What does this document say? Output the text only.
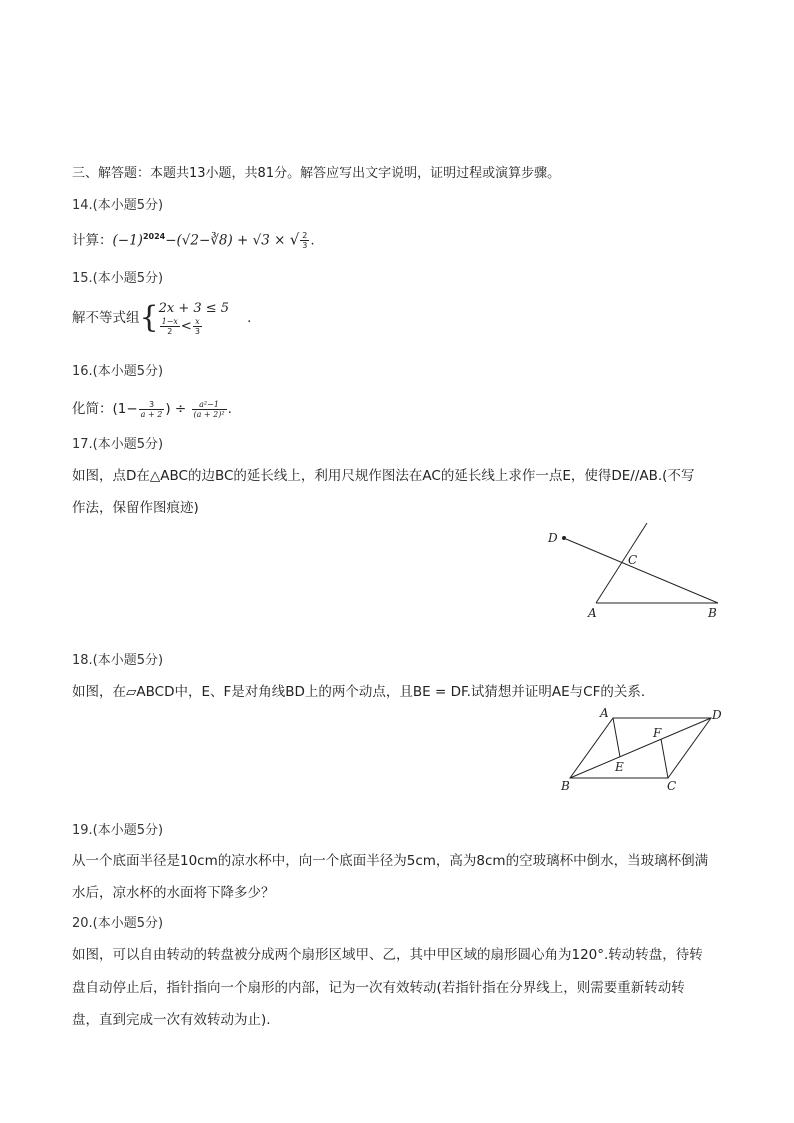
三、解答题：本题共13小题，共81分。解答应写出文字说明，证明过程或演算步骤。
14.(本小题5分)
计算：$(-1)^{2024}-(√2-∛8) + √3$ × √ $\frac{2}{3}$ .
15.(本小题5分)
解不等式组{ 2x + 3 ≤ 5
$\frac{1-x}{2} < \frac{x}{3}$	.
16.(本小题5分)
化简：($1- \frac{3}{a + 2}$ ) ÷ $\frac{\text{a²−1}}{\text{(a + 2)²}}$ .
17.(本小题5分)
如图，点D在△ABC的边BC的延长线上，利用尺规作图法在AC的延长线上求作一点E，使得DE//AB.(不写
作法，保留作图痕迹)
D
C
A	B
18.(本小题5分)
如图，在▱ABCD中，E、F是对角线BD上的两个动点，且BE = DF.试猜想并证明AE与CF的关系．
A	D
F
E
B	C
19.(本小题5分)
从一个底面半径是10cm的凉水杯中，向一个底面半径为5cm，高为8cm的空玻璃杯中倒水，当玻璃杯倒满
水后，凉水杯的水面将下降多少？
20.(本小题5分)
如图，可以自由转动的转盘被分成两个扇形区域甲、乙，其中甲区域的扇形圆心角为120°.转动转盘，待转
盘自动停止后，指针指向一个扇形的内部，记为一次有效转动(若指针指在分界线上，则需要重新转动转
盘，直到完成一次有效转动为止).
